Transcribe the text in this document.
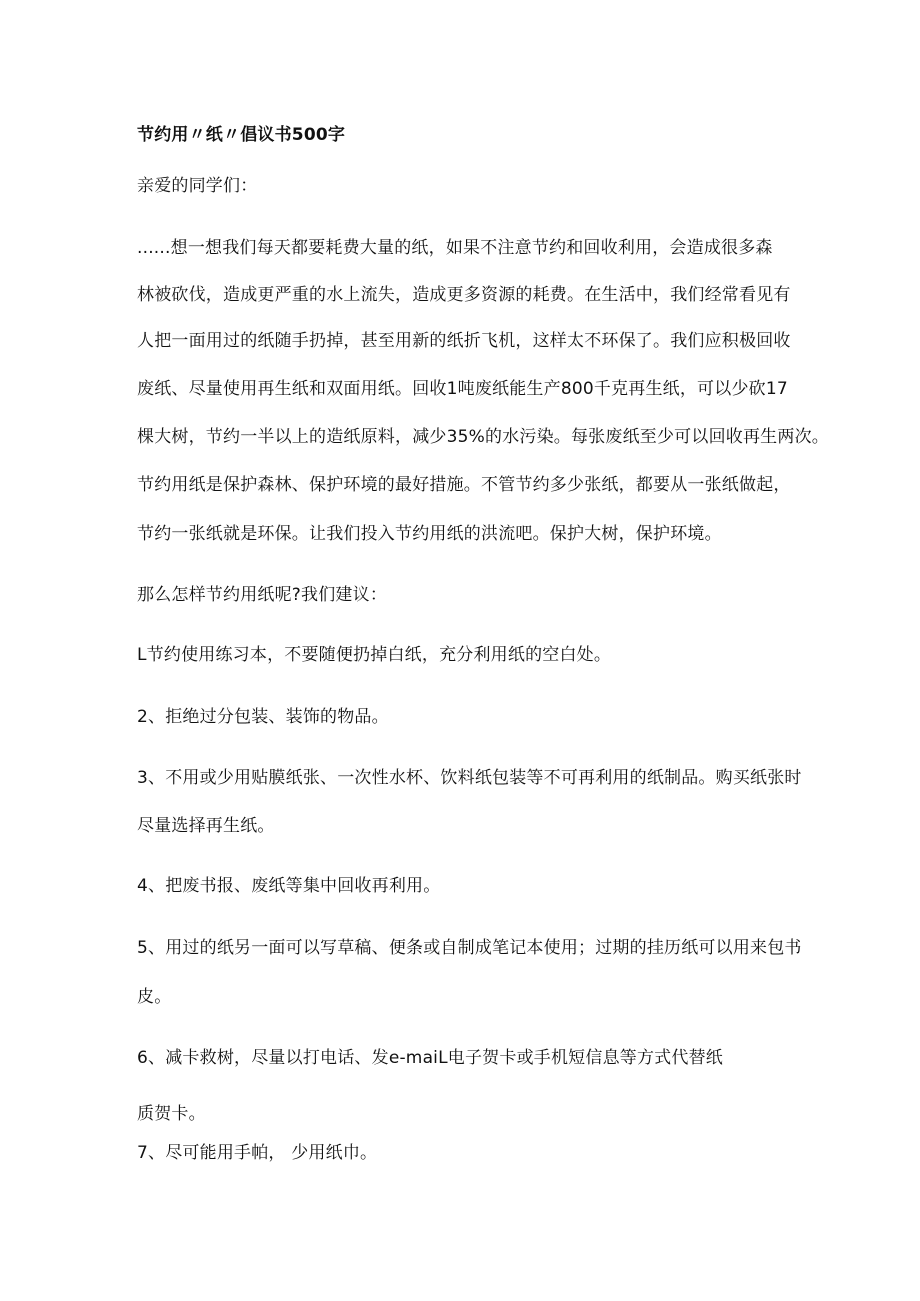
节约用〃纸〃倡议书500字
亲爱的同学们：
......想一想我们每天都要耗费大量的纸，如果不注意节约和回收利用，会造成很多森
林被砍伐，造成更严重的水上流失，造成更多资源的耗费。在生活中，我们经常看见有
人把一面用过的纸随手扔掉，甚至用新的纸折飞机，这样太不环保了。我们应积极回收
废纸、尽量使用再生纸和双面用纸。回收1吨废纸能生产800千克再生纸，可以少砍17
棵大树，节约一半以上的造纸原料，减少35%的水污染。每张废纸至少可以回收再生两次。
节约用纸是保护森林、保护环境的最好措施。不管节约多少张纸，都要从一张纸做起，
节约一张纸就是环保。让我们投入节约用纸的洪流吧。保护大树，保护环境。
那么怎样节约用纸呢?我们建议：
L节约使用练习本，不要随便扔掉白纸，充分利用纸的空白处。
2、拒绝过分包装、装饰的物品。
3、不用或少用贴膜纸张、一次性水杯、饮料纸包装等不可再利用的纸制品。购买纸张时
尽量选择再生纸。
4、把废书报、废纸等集中回收再利用。
5、用过的纸另一面可以写草稿、便条或自制成笔记本使用；过期的挂历纸可以用来包书
皮。
6、减卡救树，尽量以打电话、发e-maiL电子贺卡或手机短信息等方式代替纸
质贺卡。
7、尽可能用手帕， 少用纸巾。
